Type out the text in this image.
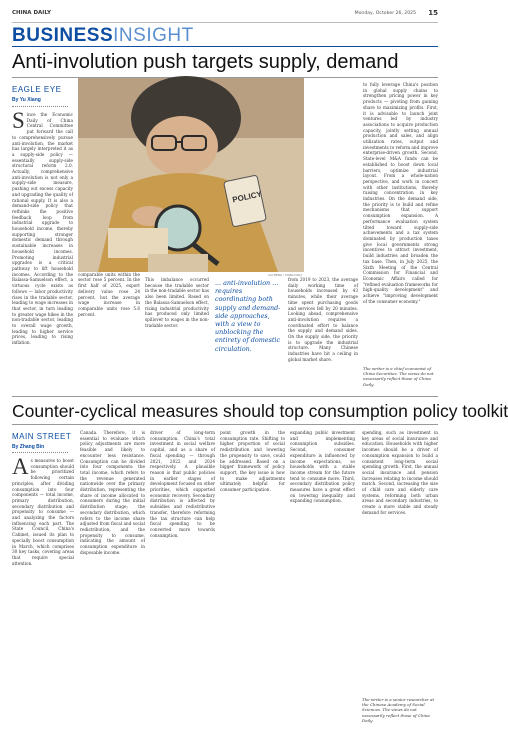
CHINA DAILY	Monday, October 26, 2025 15
BUSINESSINSIGHT
Anti-involution push targets supply, demand
EAGLE EYE
By Yu Xiang
Since the Economic Daily of China Central Committee put forward the call to comprehensively pursue anti-involution, the market has largely interpreted it as a supply-side policy — essentially supply-side structural reform 2.0. Actually, comprehensive anti-involution is not only a supply-side measure, pushing out excess capacity and upgrading the quality of rational supply. It is also a demand-side policy that rethinks the positive feedback loop from industrial upgrade to household income, thereby supporting stronger domestic demand through sustainable increases in household incomes. Promoting industrial upgrades is a critical pathway to lift household incomes. According to the Balassa-Samuelson effect, a virtuous cycle exists as follows — labor productivity rises in the tradable sector, leading to wage increases in that sector, in turn leading to greater wage hikes in the non-tradable sector, leading to overall wage growth, leading to higher service prices, leading to rising inflation.
comparable units within the sector rose 5 percent. In the first half of 2025, export delivery value rose 24 percent, but the average wage increase in comparable units rose 5.6 percent.
POLICY
CAI MENG / CHINA DAILY
This imbalance occurred because the tradable sector in the non-tradable sector has also been limited. Based on the Balassa-Samuelson effect, rising industrial productivity has produced only limited spillover to wages in the non-tradable sector.
... anti-involution ... requires coordinating both supply and demand-side approaches, with a view to unblocking the entirety of domestic circulation.
from 2019 to 2023, the average daily working time of households increased by 43 minutes, while their average time spent purchasing goods and services fell by 20 minutes. Looking ahead, comprehensive anti-involution requires a coordinated effort to balance the supply and demand sides. On the supply side, the priority is to upgrade the industrial structure. Many Chinese industries have hit a ceiling in global market share.
to fully leverage China's position in global supply chains to strengthen pricing power in key products — pivoting from gaining share to maximizing profits. First, it is advisable to launch joint ventures led by industry associations to acquire production capacity, jointly setting annual production and sales, and align utilization rates, output and investments to reform and improve enterprise-driven growth. Second, State-level M&A funds can be established to boost down local barriers, optimize industrial layout. From a whole-nation perspective, and work in concert with other institutions, thereby raising concentration in key industries. On the demand side, the priority is to build and refine mechanisms that support consumption expansion. A performance evaluation system tilted toward supply-side achievements and a tax system dominated by production taxes give local governments strong incentives to attract investment, build industries and broaden the tax base. Then, in July 2025, the Sixth Meeting of the Central Commission for Financial and Economic Affairs called for "refined evaluation frameworks for high-quality development" and achieve "improving development of the consumer economy."
The writer is a chief economist of China Securities. The views do not necessarily reflect those of China Daily.
Counter-cyclical measures should top consumption policy toolkit
MAIN STREET
By Zhang Bin
As measures to boost consumption should be prioritized following certain principles, after dividing consumption into four components — total income, primary distribution, secondary distribution and propensity to consume — and analyzing the factors influencing each part. The State Council, China's Cabinet, issued its plan to specially boost consumption in March, which comprises 30 key tasks, covering areas that require special attention.
Canada. Therefore, it is essential to evaluate which policy adjustments are more feasible and likely to encounter less resistance. Consumption can be divided into four components: the total income, which refers to the revenue generated nationwide over the primary distribution, representing the share of income allocated to consumers during the initial distribution stage; the secondary distribution, which refers to the income share adjusted from fiscal and social redistribution; and the propensity to consume, indicating the amount of consumption expenditure in disposable income.
driver of long-term consumption. China's total investment in social welfare capital, and as a share of fiscal spending — through 2021, 2022 and 2024 respectively. A plausible reason is that public policies in earlier stages of development focused on other priorities, which supported economic recovery. Secondary distribution is affected by subsidies and redistributive transfer, therefore reforming the tax structure can help fiscal spending to be converted more towards consumption.
point growth in the consumption rate. Shifting to higher proportion of social redistribution and lowering the propensity to save, could be addressed. Based on a bigger framework of policy support, the key issue is how to make adjustments ultimately helpful for consumer participation.
expanding public investment and implementing consumption subsidies. Second, consumer expenditure is influenced by income expectations, so households with a stable income stream for the future tend to consume more. Third, secondary distribution policy measures have a great effect on lowering inequality and expanding consumption.
spending, such as investment in key areas of social insurance and education. Households with higher incomes should be a driver of consumption expansion to build a consistent long-term social spending growth. First, the annual social insurance and pension increases relating to income should match. Second, increasing the size of child care and elderly care systems, reforming both urban areas and secondary industries, to create a more stable and steady demand for services.
The writer is a senior researcher at the Chinese Academy of Social Sciences. The views do not necessarily reflect those of China Daily.
